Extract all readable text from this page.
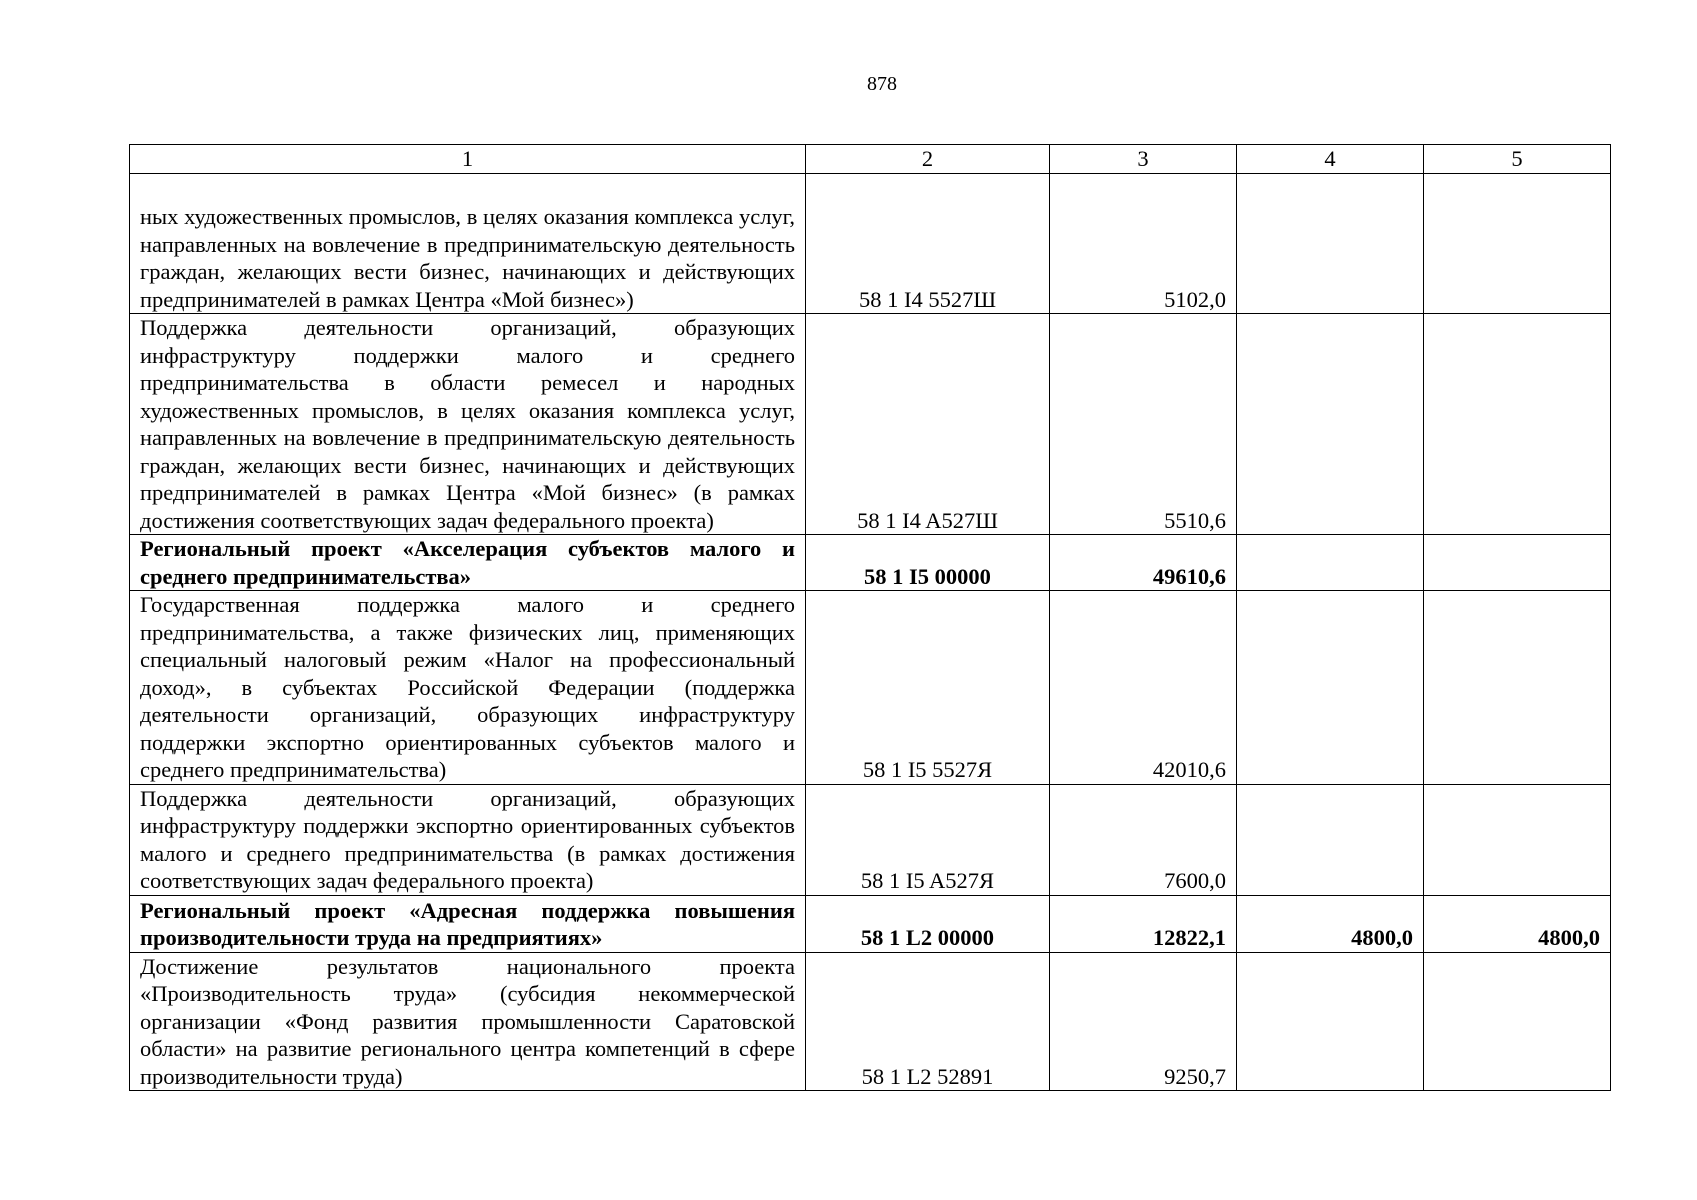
878
1	2	3	4	5
ных художественных промыслов, в целях оказания комплекса услуг, направленных на вовлечение в предпринимательскую деятельность граждан, желающих вести бизнес, начинающих и действующих предпринимателей в рамках Центра «Мой бизнес»)	58 1 I4 5527Ш	5102,0		
Поддержка деятельности организаций, образующих инфраструктуру поддержки малого и среднего предпринимательства в области ремесел и народных художественных промыслов, в целях оказания комплекса услуг, направленных на вовлечение в предпринимательскую деятельность граждан, желающих вести бизнес, начинающих и действующих предпринимателей в рамках Центра «Мой бизнес» (в рамках достижения соответствующих задач федерального проекта)	58 1 I4 A527Ш	5510,6		
Региональный проект «Акселерация субъектов малого и среднего предпринимательства»	58 1 I5 00000	49610,6		
Государственная поддержка малого и среднего предпринимательства, а также физических лиц, применяющих специальный налоговый режим «Налог на профессиональный доход», в субъектах Российской Федерации (поддержка деятельности организаций, образующих инфраструктуру поддержки экспортно ориентированных субъектов малого и среднего предпринимательства)	58 1 I5 5527Я	42010,6		
Поддержка деятельности организаций, образующих инфраструктуру поддержки экспортно ориентированных субъектов малого и среднего предпринимательства (в рамках достижения соответствующих задач федерального проекта)	58 1 I5 A527Я	7600,0		
Региональный проект «Адресная поддержка повышения производительности труда на предприятиях»	58 1 L2 00000	12822,1	4800,0	4800,0
Достижение результатов национального проекта «Производительность труда» (субсидия некоммерческой организации «Фонд развития промышленности Саратовской области» на развитие регионального центра компетенций в сфере производительности труда)	58 1 L2 52891	9250,7		
